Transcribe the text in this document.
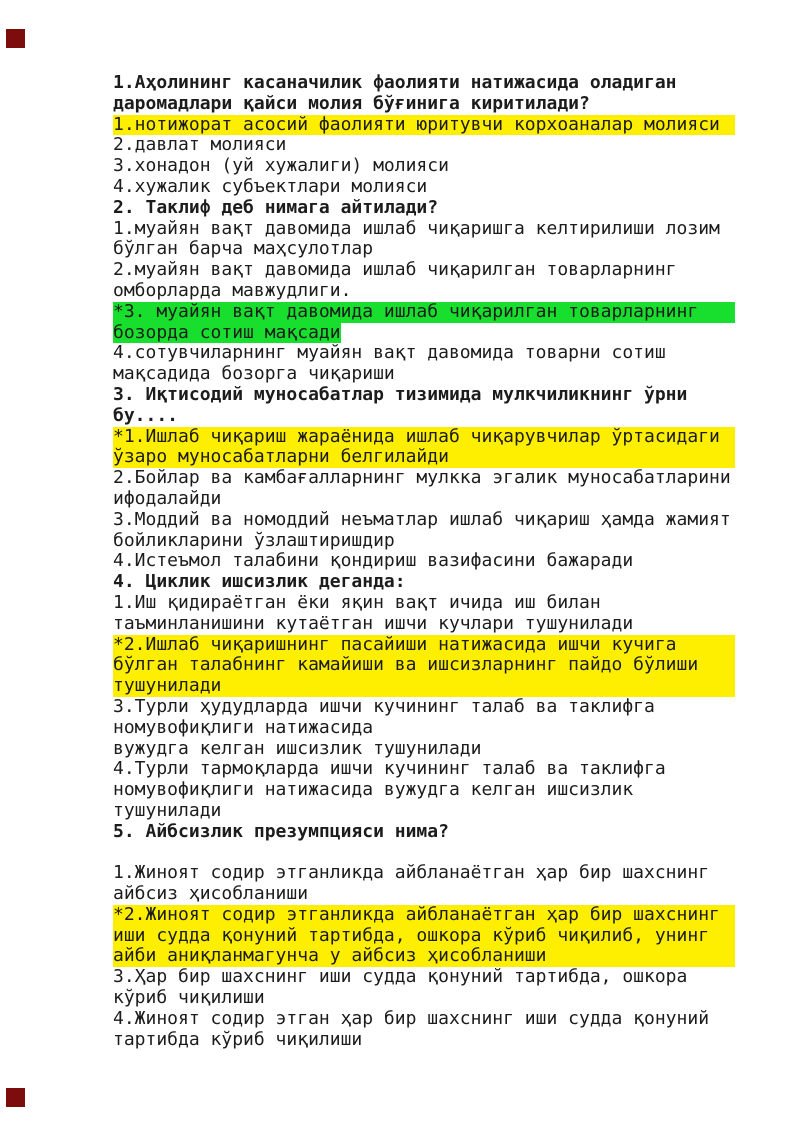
1.Аҳолининг касаначилик фаолияти натижасида оладиган
даромадлари қайси молия бўғинига киритилади?
1.нотижорат асосий фаолияти юритувчи корхоаналар молияси
2.давлат молияси
3.хонадон (уй хужалиги) молияси
4.хужалик субъектлари молияси
2. Таклиф деб нимага айтилади?
1.муайян вақт давомида ишлаб чиқаришга келтирилиши лозим
бўлган барча маҳсулотлар
2.муайян вақт давомида ишлаб чиқарилган товарларнинг
омборларда мавжудлиги.
*3. муайян вақт давомида ишлаб чиқарилган товарларнинг
бозорда сотиш мақсади
4.сотувчиларнинг муайян вақт давомида товарни сотиш
мақсадида бозорга чиқариши
3. Иқтисодий муносабатлар тизимида мулкчиликнинг ўрни
бу....
*1.Ишлаб чиқариш жараёнида ишлаб чиқарувчилар ўртасидаги
ўзаро муносабатларни белгилайди
2.Бойлар ва камбағалларнинг мулкка эгалик муносабатларини
ифодалайди
3.Моддий ва номоддий неъматлар ишлаб чиқариш ҳамда жамият
бойликларини ўзлаштиришдир
4.Истеъмол талабини қондириш вазифасини бажаради
4. Циклик ишсизлик деганда:
1.Иш қидираётган ёки яқин вақт ичида иш билан
таъминланишини кутаётган ишчи кучлари тушунилади
*2.Ишлаб чиқаришнинг пасайиши натижасида ишчи кучига
бўлган талабнинг камайиши ва ишсизларнинг пайдо бўлиши
тушунилади
3.Турли ҳудудларда ишчи кучининг талаб ва таклифга
номувофиқлиги натижасида
вужудга келган ишсизлик тушунилади
4.Турли тармоқларда ишчи кучининг талаб ва таклифга
номувофиқлиги натижасида вужудга келган ишсизлик
тушунилади
5. Айбсизлик презумпцияси нима?
1.Жиноят содир этганликда айбланаётган ҳар бир шахснинг
айбсиз ҳисобланиши
*2.Жиноят содир этганликда айбланаётган ҳар бир шахснинг
иши судда қонуний тартибда, ошкора кўриб чиқилиб, унинг
айби аниқланмагунча у айбсиз ҳисобланиши
3.Ҳар бир шахснинг иши судда қонуний тартибда, ошкора
кўриб чиқилиши
4.Жиноят содир этган ҳар бир шахснинг иши судда қонуний
тартибда кўриб чиқилиши
